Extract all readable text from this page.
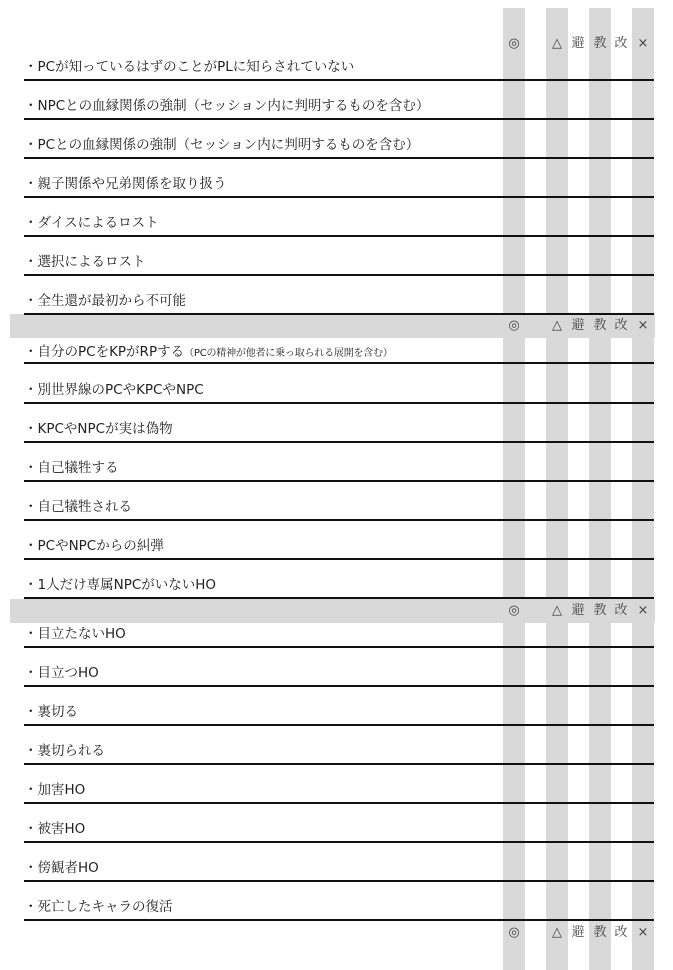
◎	△ 避 教 改 ×
・PCが知っているはずのことがPLに知らされていない
・NPCとの血縁関係の強制（セッション内に判明するものを含む）
・PCとの血縁関係の強制（セッション内に判明するものを含む）
・親子関係や兄弟関係を取り扱う
・ダイスによるロスト
・選択によるロスト
・全生還が最初から不可能
◎	△ 避 教 改 ×
・自分のPCをKPがRPする（PCの精神が他者に乗っ取られる展開を含む）
・別世界線のPCやKPCやNPC
・KPCやNPCが実は偽物
・自己犠牲する
・自己犠牲される
・PCやNPCからの糾弾
・1人だけ専属NPCがいないHO
◎	△ 避 教 改 ×
・目立たないHO
・目立つHO
・裏切る
・裏切られる
・加害HO
・被害HO
・傍観者HO
・死亡したキャラの復活
◎	△ 避 教 改 ×
